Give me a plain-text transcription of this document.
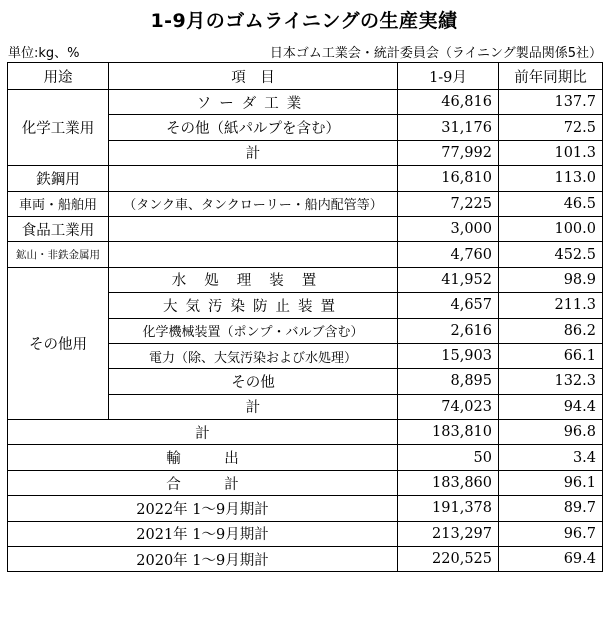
1-9月のゴムライニングの生産実績
単位:kg、%	日本ゴム工業会・統計委員会（ライニング製品関係5社）
用途	項　目	1-9月	前年同期比
化学工業用	ソーダ工業	46,816	137.7
	その他（紙パルプを含む）	31,176	72.5
	計	77,992	101.3
鉄鋼用		16,810	113.0
車両・船舶用	（タンク車、タンクローリー・船内配管等）	7,225	46.5
食品工業用		3,000	100.0
鉱山・非鉄金属用		4,760	452.5
その他用	水処理装置	41,952	98.9
	大気汚染防止装置	4,657	211.3
	化学機械装置（ポンプ・バルブ含む）	2,616	86.2
	電力（除、大気汚染および水処理）	15,903	66.1
	その他	8,895	132.3
	計	74,023	94.4
計		183,810	96.8
輸　　　出		50	3.4
合　　　計		183,860	96.1
2022年 1～9月期計		191,378	89.7
2021年 1～9月期計		213,297	96.7
2020年 1～9月期計		220,525	69.4
